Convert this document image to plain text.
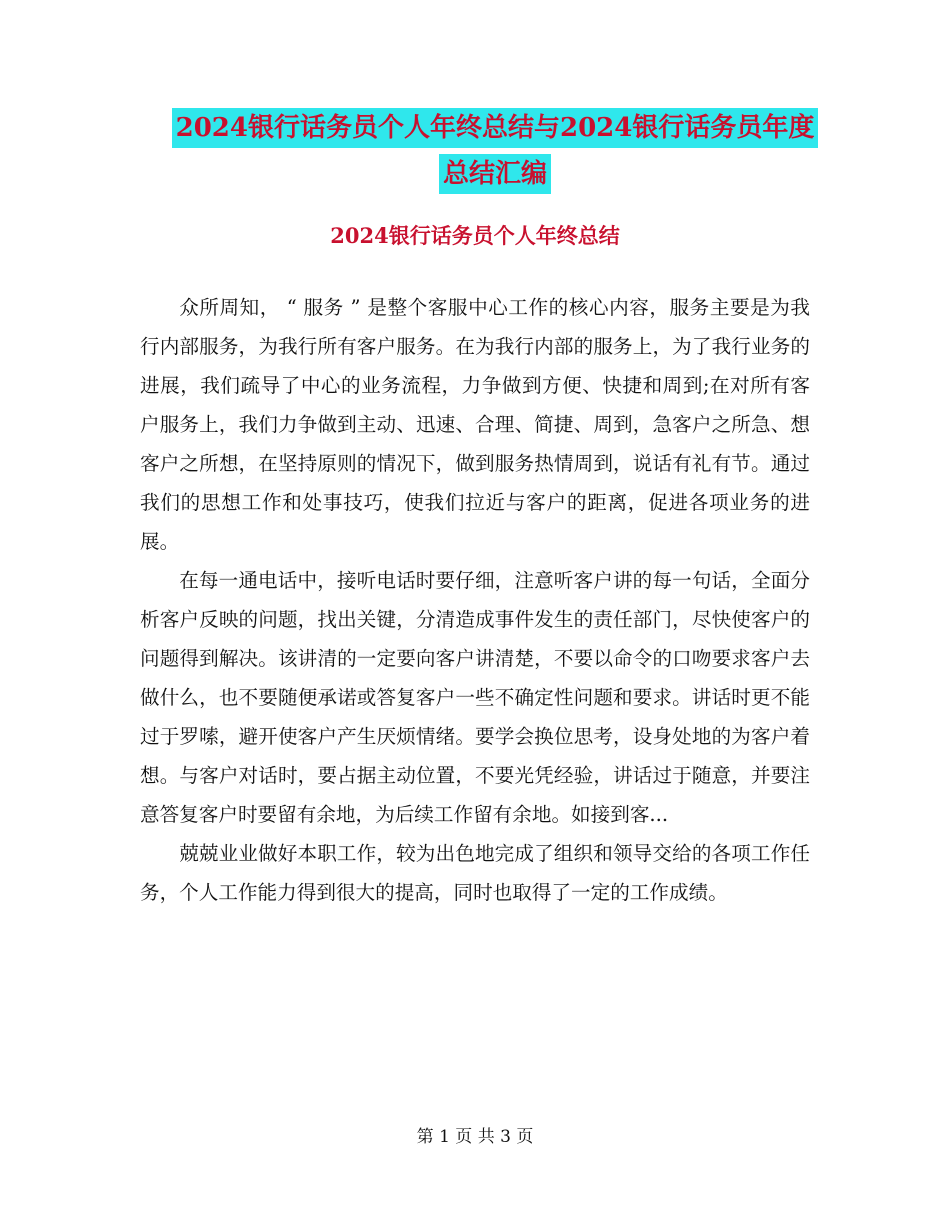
2024银行话务员个人年终总结与2024银行话务员年度
总结汇编
2024银行话务员个人年终总结

众所周知， “ 服务 ” 是整个客服中心工作的核心内容，服务主要是为我行内部服务，为我行所有客户服务。在为我行内部的服务上，为了我行业务的进展，我们疏导了中心的业务流程，力争做到方便、快捷和周到;在对所有客户服务上，我们力争做到主动、迅速、合理、简捷、周到，急客户之所急、想客户之所想，在坚持原则的情况下，做到服务热情周到，说话有礼有节。通过我们的思想工作和处事技巧，使我们拉近与客户的距离，促进各项业务的进展。

在每一通电话中，接听电话时要仔细，注意听客户讲的每一句话，全面分析客户反映的问题，找出关键，分清造成事件发生的责任部门，尽快使客户的问题得到解决。该讲清的一定要向客户讲清楚，不要以命令的口吻要求客户去做什么，也不要随便承诺或答复客户一些不确定性问题和要求。讲话时更不能过于罗嗦，避开使客户产生厌烦情绪。要学会换位思考，设身处地的为客户着想。与客户对话时，要占据主动位置，不要光凭经验，讲话过于随意，并要注意答复客户时要留有余地，为后续工作留有余地。如接到客...

兢兢业业做好本职工作，较为出色地完成了组织和领导交给的各项工作任务，个人工作能力得到很大的提高，同时也取得了一定的工作成绩。

第 1 页 共 3 页
